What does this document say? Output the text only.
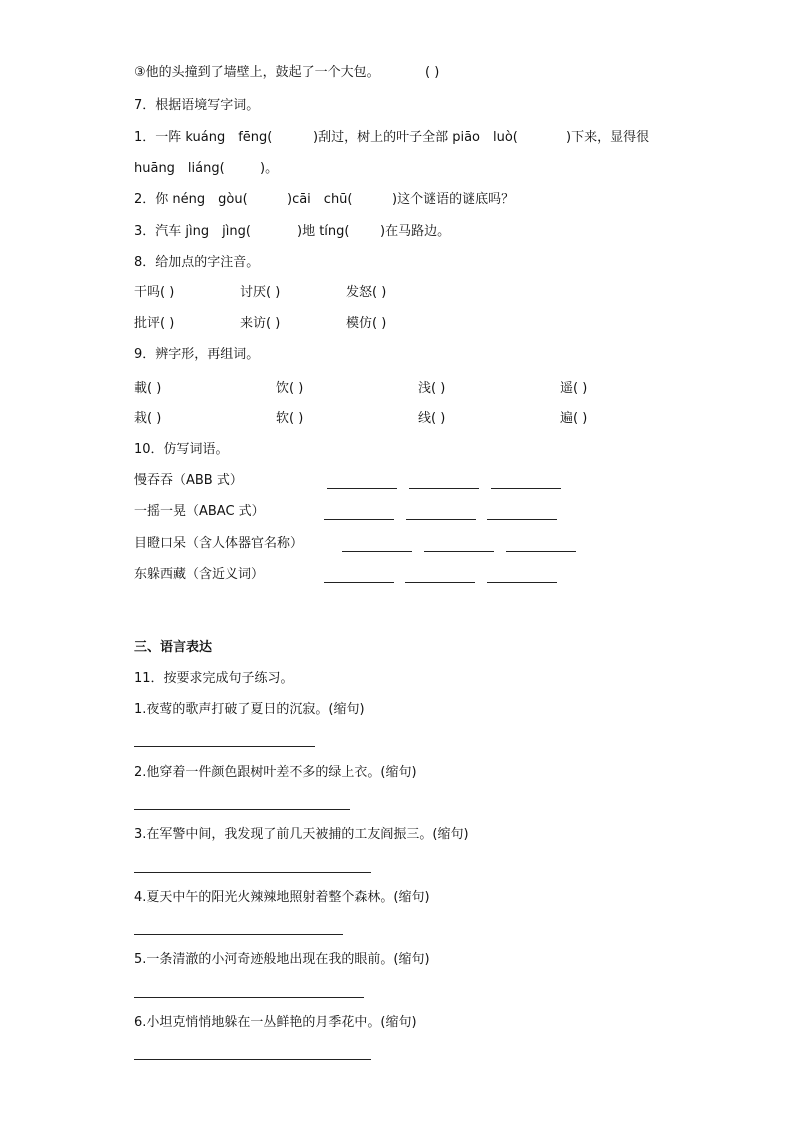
③他的头撞到了墙壁上，鼓起了一个大包。	( )
7．根据语境写字词。
1．一阵 kuáng　fēng(	)刮过，树上的叶子全部 piāo　luò(	)下来，显得很
huāng　liáng(	)。
2．你 néng　gòu(	)cāi　chū(	)这个谜语的谜底吗？
3．汽车 jìng　jìng(	)地 tíng( )在马路边。
8．给加点的字注音。
干吗( )	讨厌( )	发怒( )
批评( )	来访( )	模仿( )
9．辨字形，再组词。
載( )	饮( )	浅( )	遥( )
栽( )	软( )	线( )	遍( )
10．仿写词语。
慢吞吞（ABB 式）
一摇一晃（ABAC 式）
目瞪口呆（含人体器官名称）
东躲西藏（含近义词）
三、语言表达
11．按要求完成句子练习。
1.夜莺的歌声打破了夏日的沉寂。(缩句)
2.他穿着一件颜色跟树叶差不多的绿上衣。(缩句)
3.在军警中间，我发现了前几天被捕的工友阎振三。(缩句)
4.夏天中午的阳光火辣辣地照射着整个森林。(缩句)
5.一条清澈的小河奇迹般地出现在我的眼前。(缩句)
6.小坦克悄悄地躲在一丛鲜艳的月季花中。(缩句)
